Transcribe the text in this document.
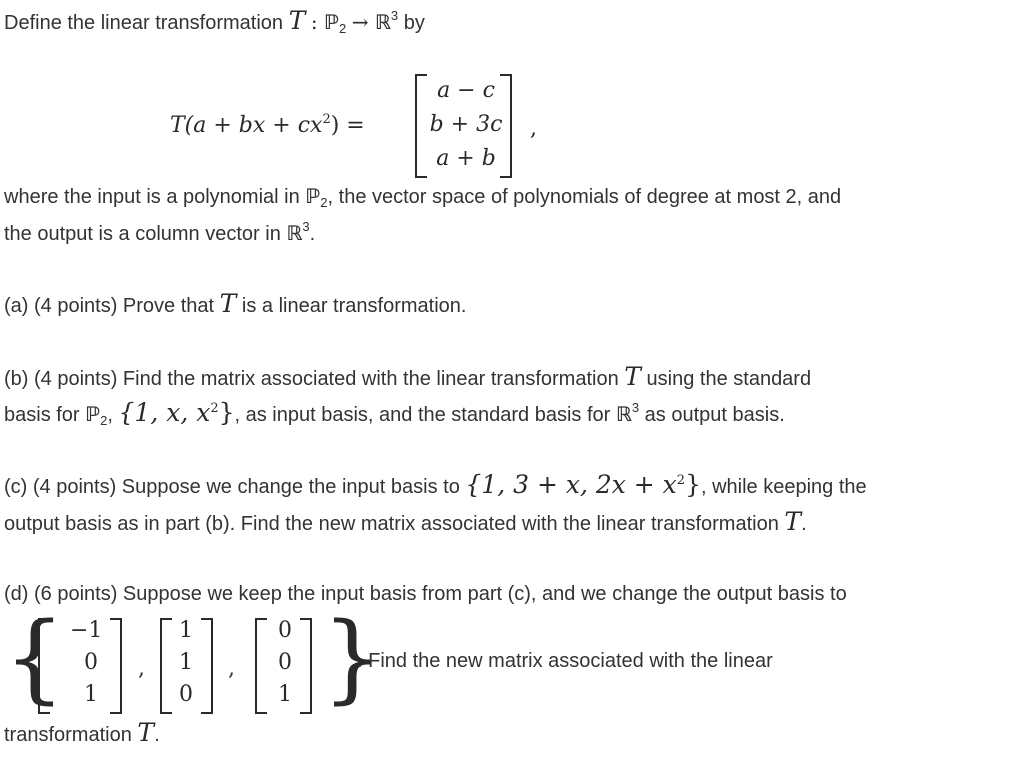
Define the linear transformation T : ℙ$_2$ → ℝ$^3$ by
T(a + bx + $cx^2$) =
a − c
b + 3c
a + b
,
where the input is a polynomial in ℙ$_2$, the vector space of polynomials of degree at most 2, and
the output is a column vector in ℝ$^3$.
(a) (4 points) Prove that T is a linear transformation.
(b) (4 points) Find the matrix associated with the linear transformation T using the standard
basis for ℙ$_2$, {1, x, $x^2$}, as input basis, and the standard basis for ℝ$^3$ as output basis.
(c) (4 points) Suppose we change the input basis to {1, 3 + x, $2x + x^2$}, while keeping the
output basis as in part (b). Find the new matrix associated with the linear transformation T.
(d) (6 points) Suppose we keep the input basis from part (c), and we change the output basis to
{ −1
0
1
,
1
1
0
,
0
0
1 }
. Find the new matrix associated with the linear
transformation T.
